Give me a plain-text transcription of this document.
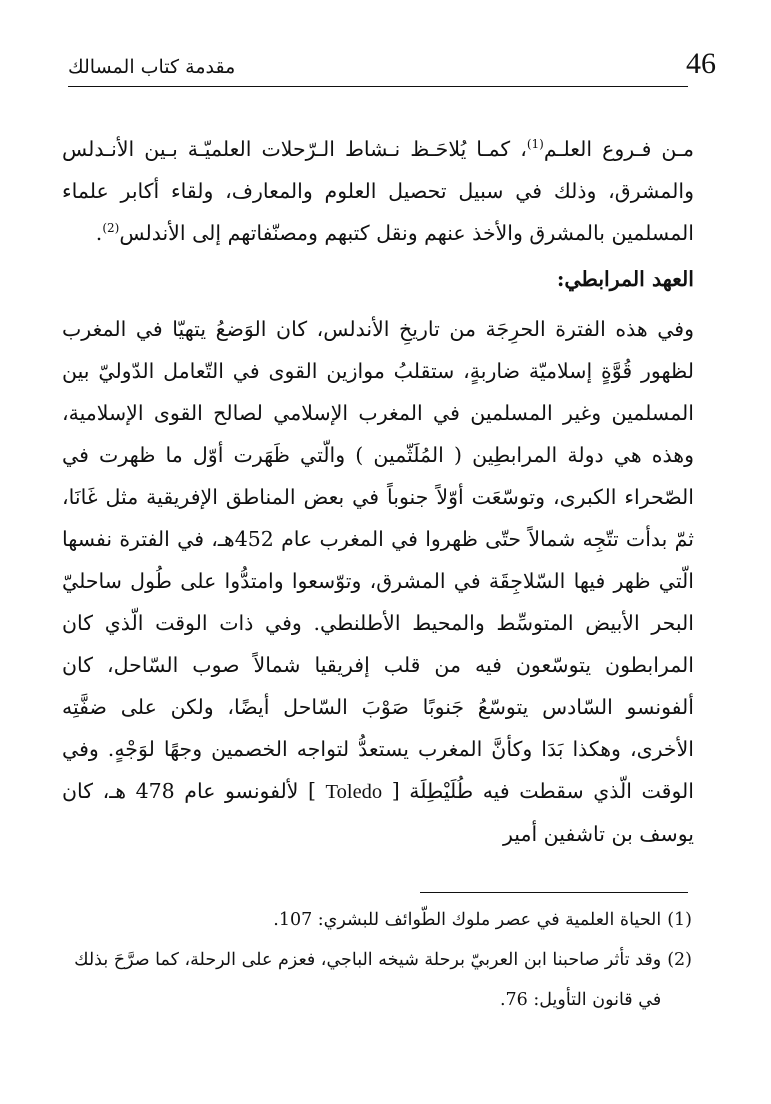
46
مقدمة كتاب المسالك

مـن فـروع العلـم$^{(1)}$، كمـا يُلاحَـظ نـشاط الـرّحلات العلميّـة بـين الأنـدلس والمشرق، وذلك في سبيل تحصيل العلوم والمعارف، ولقاء أكابر علماء المسلمين بالمشرق والأخذ عنهم ونقل كتبهم ومصنّفاتهم إلى الأندلس$^{(2)}$.

العهد المرابطي:

وفي هذه الفترة الحرِجَة من تاريخِ الأندلس، كان الوَضعُ يتهيّا في المغرب لظهور قُوَّةٍ إسلاميّة ضاربةٍ، ستقلبُ موازين القوى في التّعامل الدّوليّ بين المسلمين وغير المسلمين في المغرب الإسلامي لصالح القوى الإسلامية، وهذه هي دولة المرابطِين ( المُلَثّمين ) والّتي ظَهَرت أوّل ما ظهرت في الصّحراء الكبرى، وتوسّعَت أوّلاً جنوباً في بعض المناطق الإفريقية مثل غَانَا، ثمّ بدأت تتّجِه شمالاً حتّى ظهروا في المغرب عام 452هـ، في الفترة نفسها الّتي ظهر فيها السّلاجِقَة في المشرق، وتوّسعوا وامتدُّوا على طُول ساحليّ البحر الأبيض المتوسِّط والمحيط الأطلنطي. وفي ذات الوقت الّذي كان المرابطون يتوسّعون فيه من قلب إفريقيا شمالاً صوب السّاحل، كان ألفونسو السّادس يتوسّعُ جَنوبًا صَوْبَ السّاحل أيضًا، ولكن على ضفَّتِه الأخرى، وهكذا بَدَا وكأنَّ المغرب يستعدُّ لتواجه الخصمين وجهًا لوَجْهٍ. وفي الوقت الّذي سقطت فيه طُلَيْطِلَة [ Toledo ] لألفونسو عام 478 هـ، كان يوسف بن تاشفين أمير

(1)
الحياة العلمية في عصر ملوك الطّوائف للبشري: 107.
(2)
وقد تأثر صاحبنا ابن العربيّ برحلة شيخه الباجي، فعزم على الرحلة، كما صرَّحَ بذلك في قانون التأويل: 76.
